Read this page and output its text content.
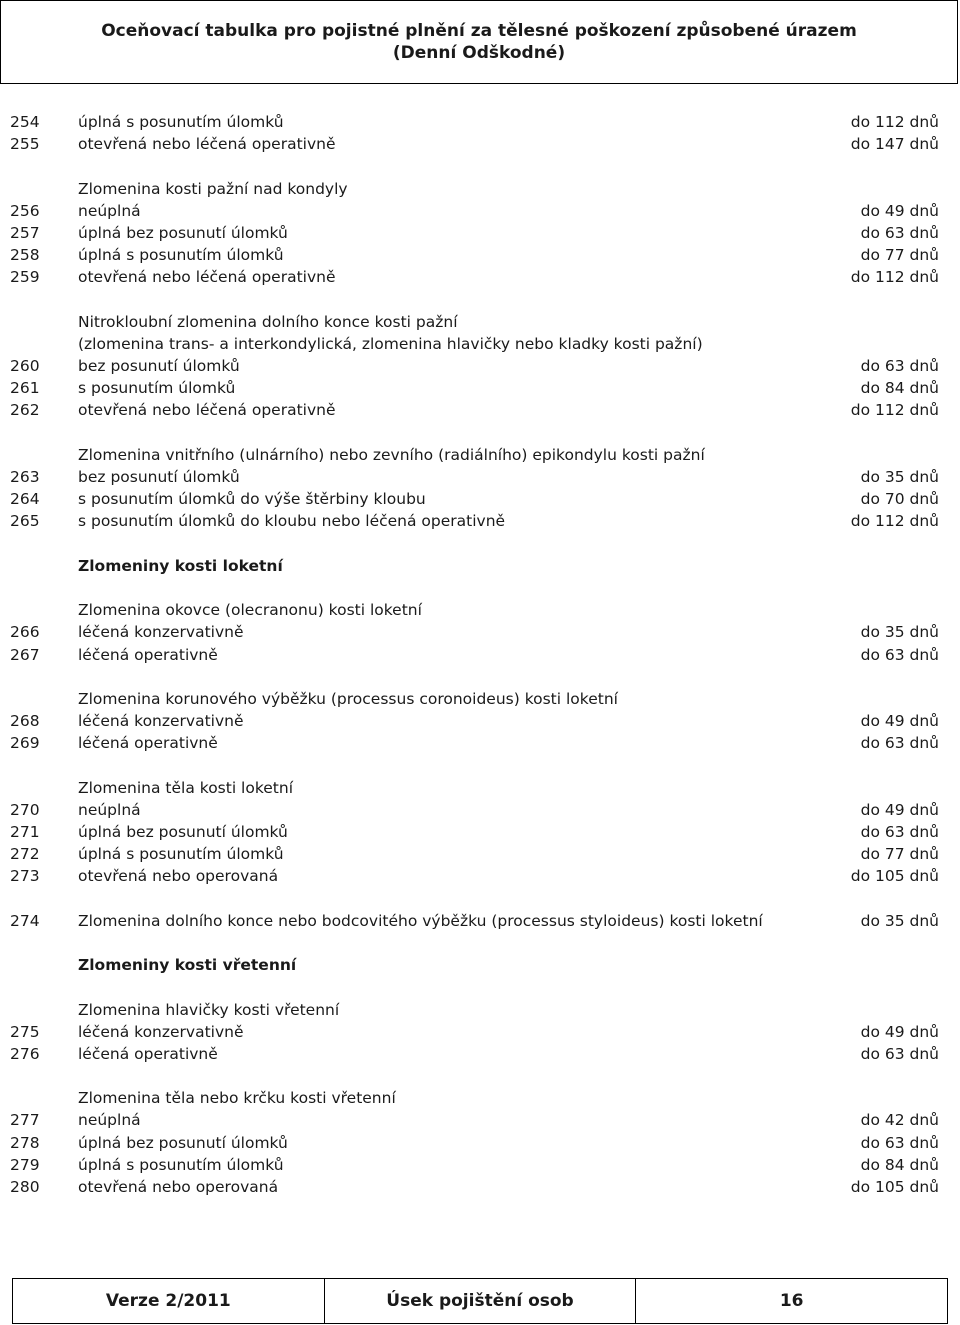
Oceňovací tabulka pro pojistné plnění za tělesné poškození způsobené úrazem
(Denní Odškodné)
254 úplná s posunutím úlomků	do 112 dnů
255 otevřená nebo léčená operativně	do 147 dnů
Zlomenina kosti pažní nad kondyly
256 neúplná	do 49 dnů
257 úplná bez posunutí úlomků	do 63 dnů
258 úplná s posunutím úlomků	do 77 dnů
259 otevřená nebo léčená operativně	do 112 dnů
Nitrokloubní zlomenina dolního konce kosti pažní
(zlomenina trans- a interkondylická, zlomenina hlavičky nebo kladky kosti pažní)
260 bez posunutí úlomků	do 63 dnů
261 s posunutím úlomků	do 84 dnů
262 otevřená nebo léčená operativně	do 112 dnů
Zlomenina vnitřního (ulnárního) nebo zevního (radiálního) epikondylu kosti pažní
263 bez posunutí úlomků	do 35 dnů
264 s posunutím úlomků do výše štěrbiny kloubu	do 70 dnů
265 s posunutím úlomků do kloubu nebo léčená operativně	do 112 dnů
Zlomeniny kosti loketní
Zlomenina okovce (olecranonu) kosti loketní
266 léčená konzervativně	do 35 dnů
267 léčená operativně	do 63 dnů
Zlomenina korunového výběžku (processus coronoideus) kosti loketní
268 léčená konzervativně	do 49 dnů
269 léčená operativně	do 63 dnů
Zlomenina těla kosti loketní
270 neúplná	do 49 dnů
271 úplná bez posunutí úlomků	do 63 dnů
272 úplná s posunutím úlomků	do 77 dnů
273 otevřená nebo operovaná	do 105 dnů
274 Zlomenina dolního konce nebo bodcovitého výběžku (processus styloideus) kosti loketní	do 35 dnů
Zlomeniny kosti vřetenní
Zlomenina hlavičky kosti vřetenní
275 léčená konzervativně	do 49 dnů
276 léčená operativně	do 63 dnů
Zlomenina těla nebo krčku kosti vřetenní
277 neúplná	do 42 dnů
278 úplná bez posunutí úlomků	do 63 dnů
279 úplná s posunutím úlomků	do 84 dnů
280 otevřená nebo operovaná	do 105 dnů
Verze 2/2011	Úsek pojištění osob	16
